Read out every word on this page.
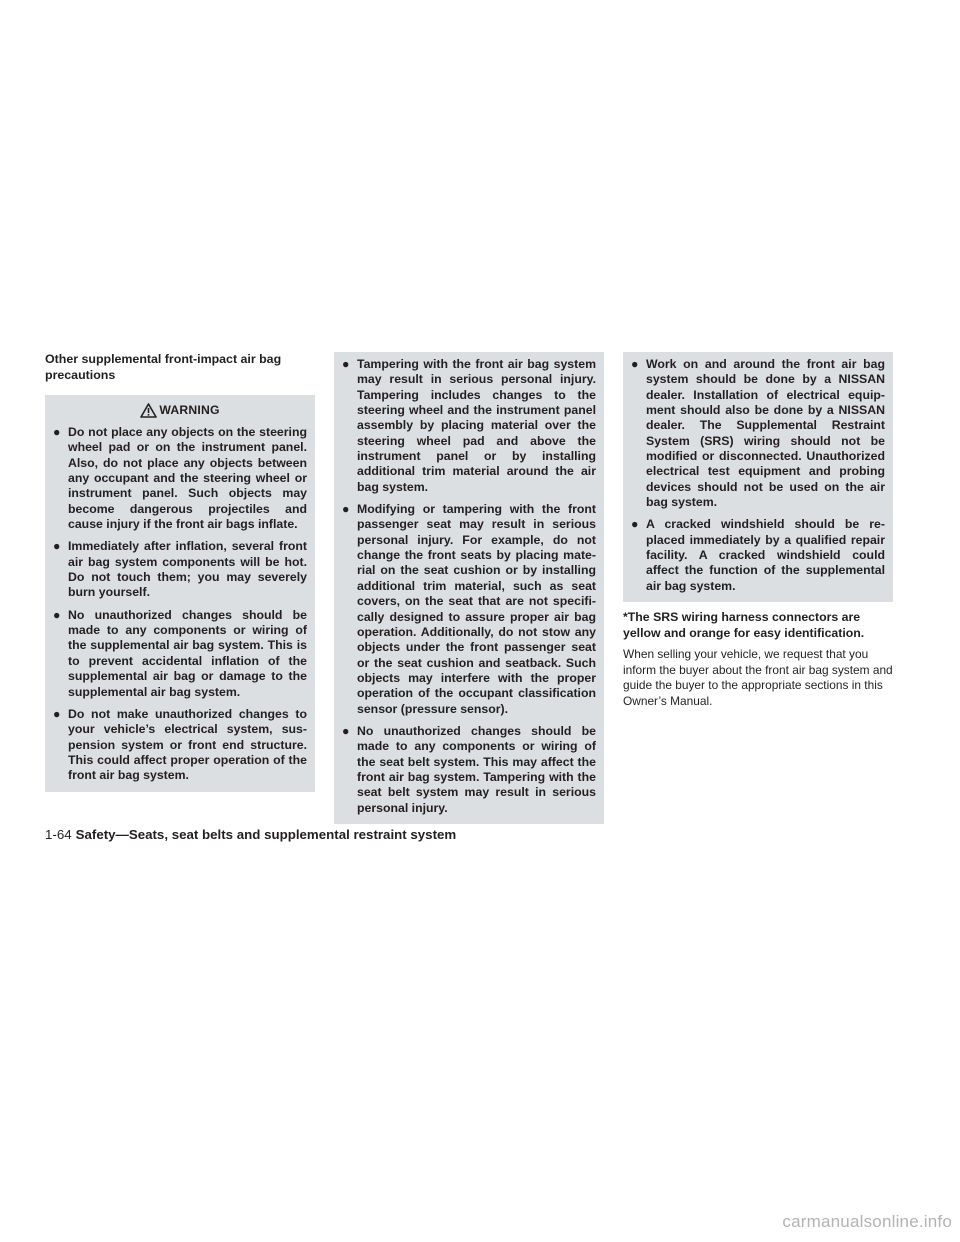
Other supplemental front-impact air bag precautions
WARNING
● Do not place any objects on the steering wheel pad or on the instrument panel. Also, do not place any objects between any occupant and the steering wheel or instrument panel. Such objects may become dangerous projectiles and cause injury if the front air bags inflate.
● Immediately after inflation, several front air bag system components will be hot. Do not touch them; you may severely burn yourself.
● No unauthorized changes should be made to any components or wiring of the supplemental air bag system. This is to prevent accidental inflation of the supplemental air bag or damage to the supplemental air bag system.
● Do not make unauthorized changes to your vehicle’s electrical system, suspension system or front end structure. This could affect proper operation of the front air bag system.
● Tampering with the front air bag system may result in serious personal injury. Tampering includes changes to the steering wheel and the instrument panel assembly by placing material over the steering wheel pad and above the instrument panel or by installing additional trim material around the air bag system.
● Modifying or tampering with the front passenger seat may result in serious personal injury. For example, do not change the front seats by placing material on the seat cushion or by installing additional trim material, such as seat covers, on the seat that are not specifically designed to assure proper air bag operation. Additionally, do not stow any objects under the front passenger seat or the seat cushion and seatback. Such objects may interfere with the proper operation of the occupant classification sensor (pressure sensor).
● No unauthorized changes should be made to any components or wiring of the seat belt system. This may affect the front air bag system. Tampering with the seat belt system may result in serious personal injury.
● Work on and around the front air bag system should be done by a NISSAN dealer. Installation of electrical equipment should also be done by a NISSAN dealer. The Supplemental Restraint System (SRS) wiring should not be modified or disconnected. Unauthorized electrical test equipment and probing devices should not be used on the air bag system.
● A cracked windshield should be replaced immediately by a qualified repair facility. A cracked windshield could affect the function of the supplemental air bag system.

*The SRS wiring harness connectors are yellow and orange for easy identification.

When selling your vehicle, we request that you inform the buyer about the front air bag system and guide the buyer to the appropriate sections in this Owner’s Manual.

1-64 Safety—Seats, seat belts and supplemental restraint system
carmanualsonline.info
